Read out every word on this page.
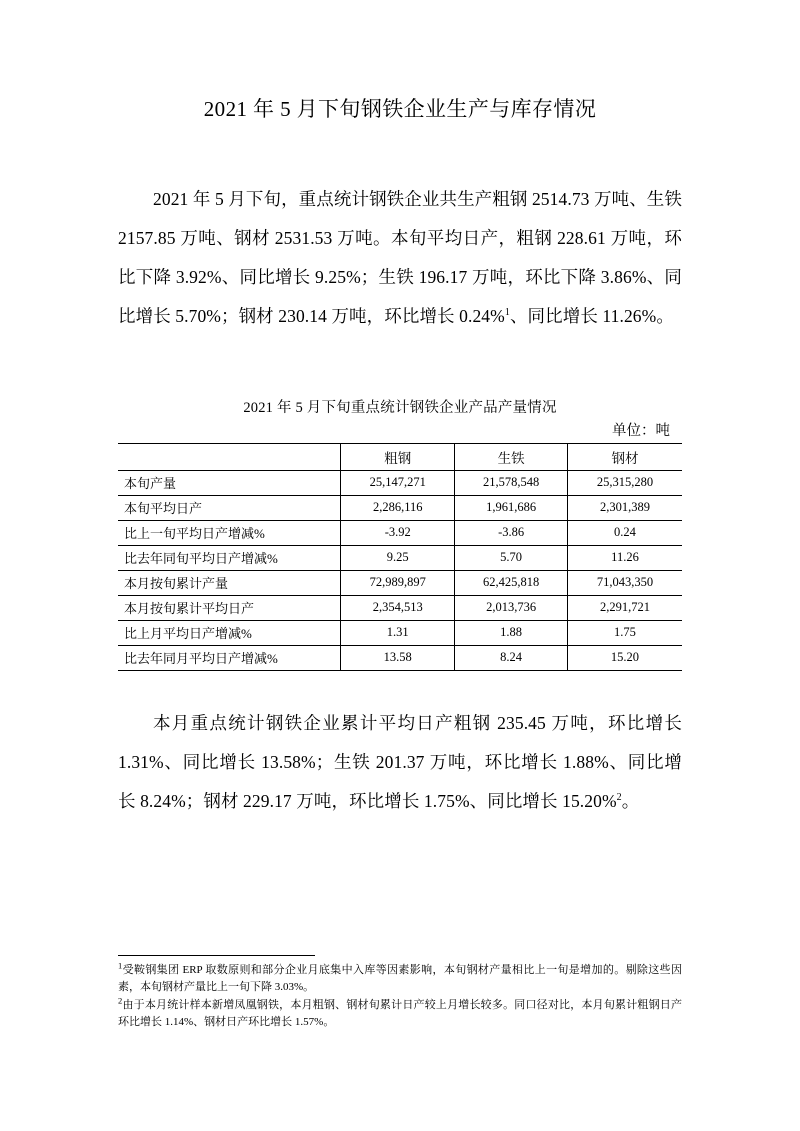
2021 年 5 月下旬钢铁企业生产与库存情况

2021 年 5 月下旬，重点统计钢铁企业共生产粗钢 2514.73 万吨、生铁 2157.85 万吨、钢材 2531.53 万吨。本旬平均日产，粗钢 228.61 万吨，环比下降 3.92%、同比增长 9.25%；生铁 196.17 万吨，环比下降 3.86%、同比增长 5.70%；钢材 230.14 万吨，环比增长 0.24%$^1$、同比增长 11.26%。

2021 年 5 月下旬重点统计钢铁企业产品产量情况
单位：吨
	粗钢	生铁	钢材
本旬产量	25,147,271	21,578,548	25,315,280
本旬平均日产	2,286,116	1,961,686	2,301,389
比上一旬平均日产增减%	-3.92	-3.86	0.24
比去年同旬平均日产增减%	9.25	5.70	11.26
本月按旬累计产量	72,989,897	62,425,818	71,043,350
本月按旬累计平均日产	2,354,513	2,013,736	2,291,721
比上月平均日产增减%	1.31	1.88	1.75
比去年同月平均日产增减%	13.58	8.24	15.20

本月重点统计钢铁企业累计平均日产粗钢 235.45 万吨，环比增长 1.31%、同比增长 13.58%；生铁 201.37 万吨，环比增长 1.88%、同比增长 8.24%；钢材 229.17 万吨，环比增长 1.75%、同比增长 15.20%$^2$。

$^1$受鞍钢集团 ERP 取数原则和部分企业月底集中入库等因素影响，本旬钢材产量相比上一旬是增加的。剔除这些因素，本旬钢材产量比上一旬下降 3.03%。

$^2$由于本月统计样本新增凤凰钢铁，本月粗钢、钢材旬累计日产较上月增长较多。同口径对比，本月旬累计粗钢日产环比增长 1.14%、钢材日产环比增长 1.57%。
